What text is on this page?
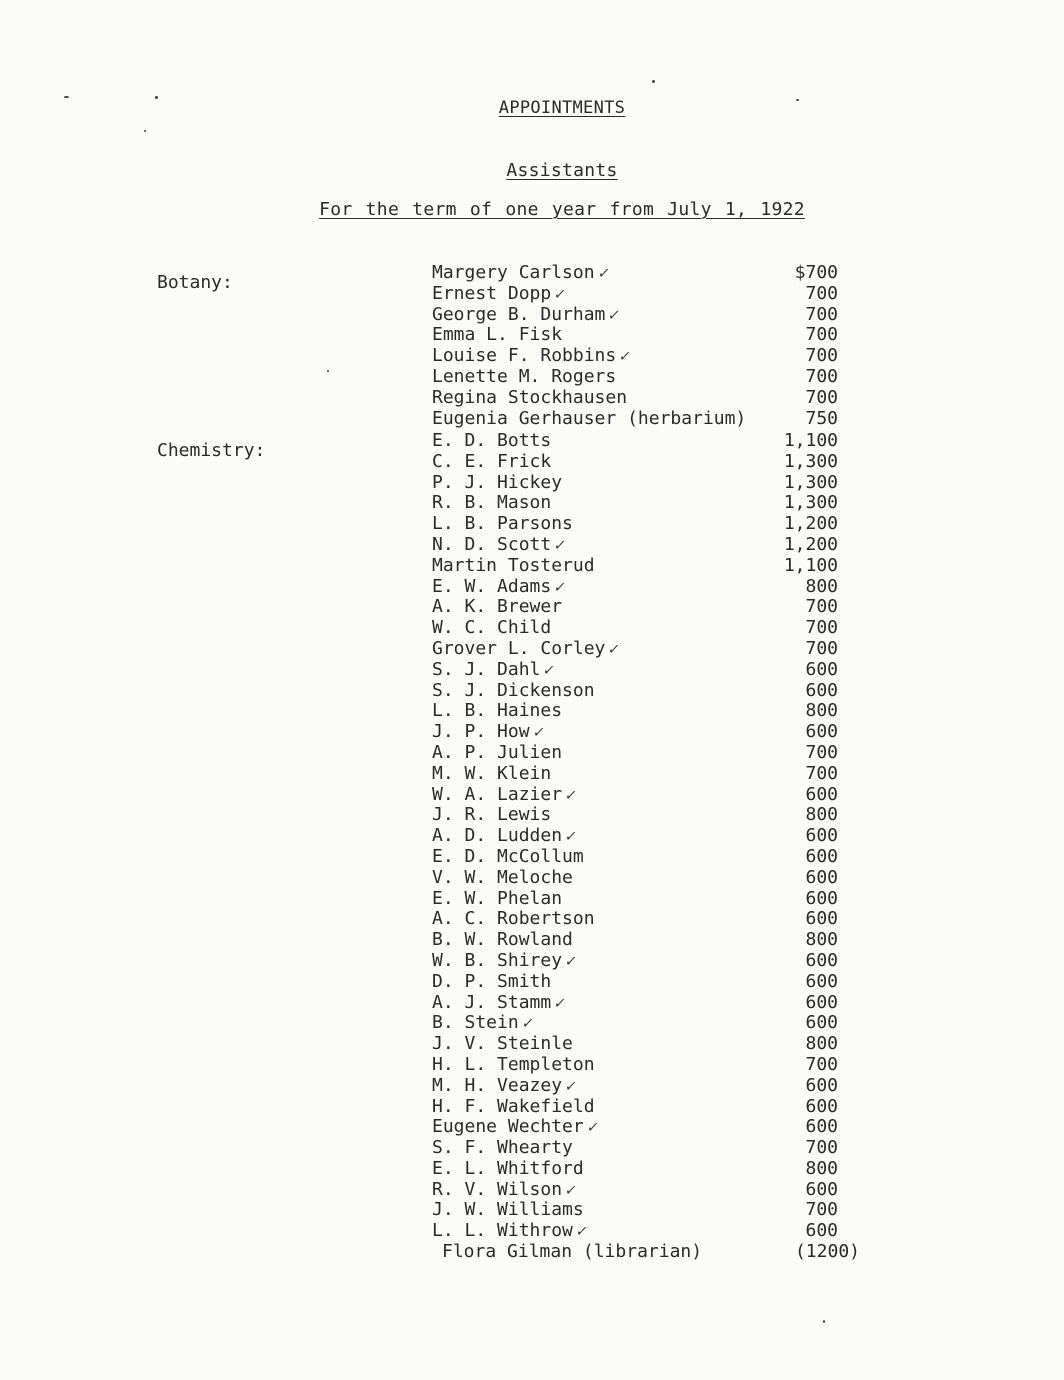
APPOINTMENTS
Assistants
For the term of one year from July 1, 1922
Botany:	Margery Carlson ✓	$700
Ernest Dopp ✓	700
George B. Durham ✓	700
Emma L. Fisk	700
Louise F. Robbins ✓	700
Lenette M. Rogers	700
Regina Stockhausen	700
Eugenia Gerhauser (herbarium)	750
Chemistry:	E. D. Botts	1,100
C. E. Frick	1,300
P. J. Hickey	1,300
R. B. Mason	1,300
L. B. Parsons	1,200
N. D. Scott ✓	1,200
Martin Tosterud	1,100
E. W. Adams ✓	800
A. K. Brewer	700
W. C. Child	700
Grover L. Corley ✓	700
S. J. Dahl ✓	600
S. J. Dickenson	600
L. B. Haines	800
J. P. How ✓	600
A. P. Julien	700
M. W. Klein	700
W. A. Lazier ✓	600
J. R. Lewis	800
A. D. Ludden ✓	600
E. D. McCollum	600
V. W. Meloche	600
E. W. Phelan	600
A. C. Robertson	600
B. W. Rowland	800
W. B. Shirey ✓	600
D. P. Smith	600
A. J. Stamm ✓	600
B. Stein ✓	600
J. V. Steinle	800
H. L. Templeton	700
M. H. Veazey ✓	600
H. F. Wakefield	600
Eugene Wechter ✓	600
S. F. Whearty	700
E. L. Whitford	800
R. V. Wilson ✓	600
J. W. Williams	700
L. L. Withrow ✓	600
Flora Gilman (librarian)	(1200)
